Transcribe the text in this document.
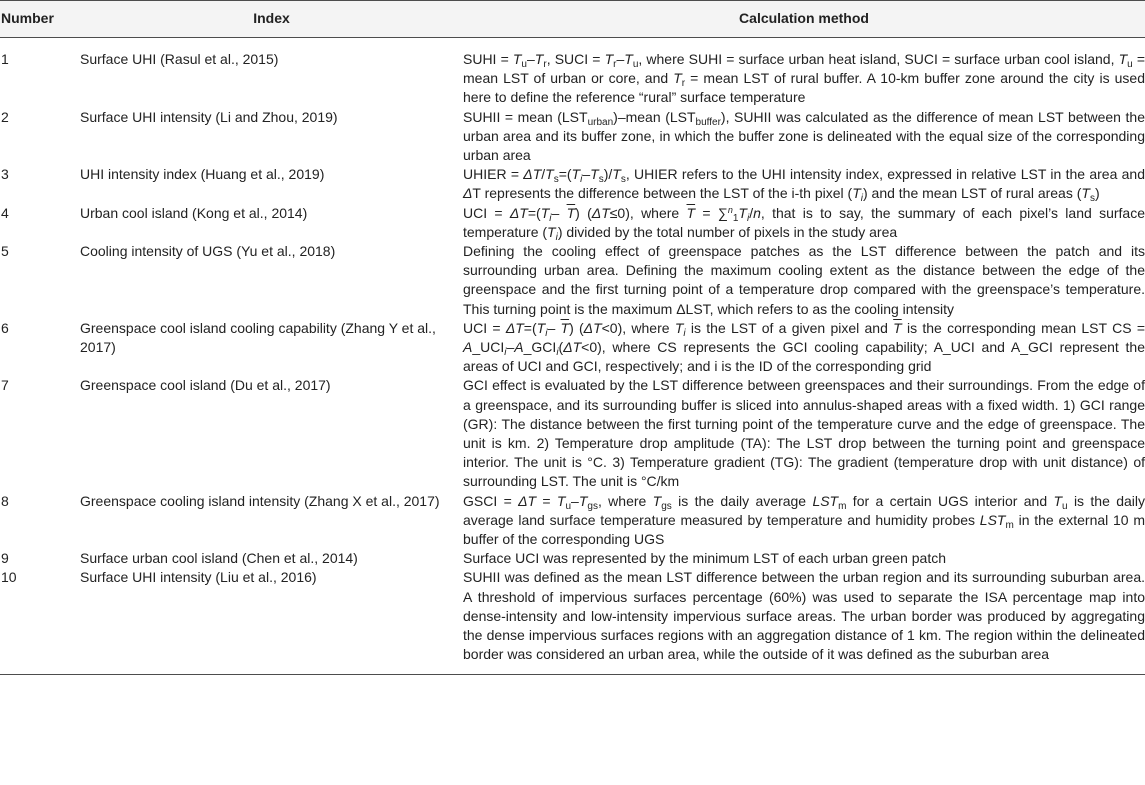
Number	Index	Calculation method
1	Surface UHI (Rasul et al., 2015)	SUHI = $T_u-T_r$, SUCI = $T_r-T_u$, where SUHI = surface urban heat island, SUCI = surface urban cool island, $T_u$ = mean LST of urban or core, and $T_r$ = mean LST of rural buffer. A 10-km buffer zone around the city is used here to define the reference “rural” surface temperature
2	Surface UHI intensity (Li and Zhou, 2019)	SUHII = mean $(LST_{urban})$–mean $(LST_{buffer})$, SUHII was calculated as the difference of mean LST between the urban area and its buffer zone, in which the buffer zone is delineated with the equal size of the corresponding urban area
3	UHI intensity index (Huang et al., 2019)	UHIER = $\Delta T/T_s=(T_i-T_s)/T_s$, UHIER refers to the UHI intensity index, expressed in relative LST in the area and ΔT represents the difference between the LST of the i-th pixel $(T_i)$ and the mean LST of rural areas $(T_s)$
4	Urban cool island (Kong et al., 2014)	UCI = $\Delta T=(T_i-$ $\overline{T}$) (ΔT≤0), where $\overline{T} = \sum^n_1T_i/n$, that is to say, the summary of each pixel’s land surface temperature $(T_i)$ divided by the total number of pixels in the study area
5	Cooling intensity of UGS (Yu et al., 2018)	Defining the cooling effect of greenspace patches as the LST difference between the patch and its surrounding urban area. Defining the maximum cooling extent as the distance between the edge of the greenspace and the first turning point of a temperature drop compared with the greenspace’s temperature. This turning point is the maximum ΔLST, which refers to as the cooling intensity
6	Greenspace cool island cooling capability (Zhang Y et al., 2017)	UCI = $\Delta T=(T_i-$ $\overline{T}$) (ΔT<0), where $T_i$ is the LST of a given pixel and $\overline{T}$ is the corresponding mean LST CS = $A\_UCI_i-A\_GCI_i(\Delta T<0)$, where CS represents the GCI cooling capability; A_UCI and A_GCI represent the areas of UCI and GCI, respectively; and i is the ID of the corresponding grid
7	Greenspace cool island (Du et al., 2017)	GCI effect is evaluated by the LST difference between greenspaces and their surroundings. From the edge of a greenspace, and its surrounding buffer is sliced into annulus-shaped areas with a fixed width. 1) GCI range (GR): The distance between the first turning point of the temperature curve and the edge of greenspace. The unit is km. 2) Temperature drop amplitude (TA): The LST drop between the turning point and greenspace interior. The unit is °C. 3) Temperature gradient (TG): The gradient (temperature drop with unit distance) of surrounding LST. The unit is °C/km
8	Greenspace cooling island intensity (Zhang X et al., 2017)	GSCI = $\Delta T = T_u-T_{gs}$, where $T_{gs}$ is the daily average $LST_m$ for a certain UGS interior and $T_u$ is the daily average land surface temperature measured by temperature and humidity probes $LST_m$ in the external 10 m buffer of the corresponding UGS
9	Surface urban cool island (Chen et al., 2014)	Surface UCI was represented by the minimum LST of each urban green patch
10	Surface UHI intensity (Liu et al., 2016)	SUHII was defined as the mean LST difference between the urban region and its surrounding suburban area. A threshold of impervious surfaces percentage (60%) was used to separate the ISA percentage map into dense-intensity and low-intensity impervious surface areas. The urban border was produced by aggregating the dense impervious surfaces regions with an aggregation distance of 1 km. The region within the delineated border was considered an urban area, while the outside of it was defined as the suburban area
